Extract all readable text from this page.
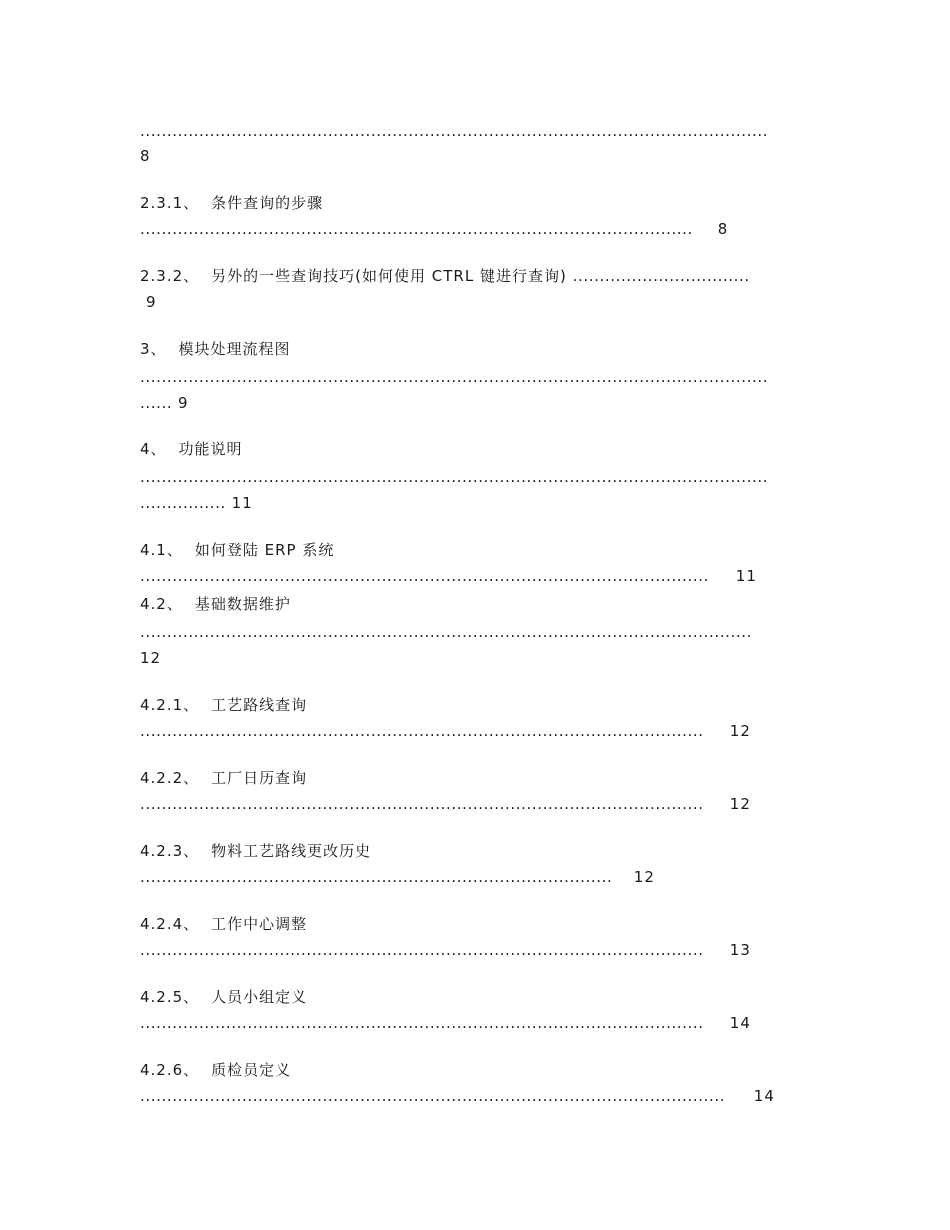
.....................................................................................................................
8
2.3.1、 条件查询的步骤
....................................................................................................... 8
2.3.2、 另外的一些查询技巧(如何使用 CTRL 键进行查询) .................................
9
3、 模块处理流程图
.....................................................................................................................
...... 9
4、 功能说明
.....................................................................................................................
................ 11
4.1、 如何登陆 ERP 系统
.......................................................................................................... 11
4.2、 基础数据维护
..................................................................................................................
12
4.2.1、 工艺路线查询
......................................................................................................... 12
4.2.2、 工厂日历查询
......................................................................................................... 12
4.2.3、 物料工艺路线更改历史
........................................................................................ 12
4.2.4、 工作中心调整
......................................................................................................... 13
4.2.5、 人员小组定义
......................................................................................................... 14
4.2.6、 质检员定义
............................................................................................................. 14
